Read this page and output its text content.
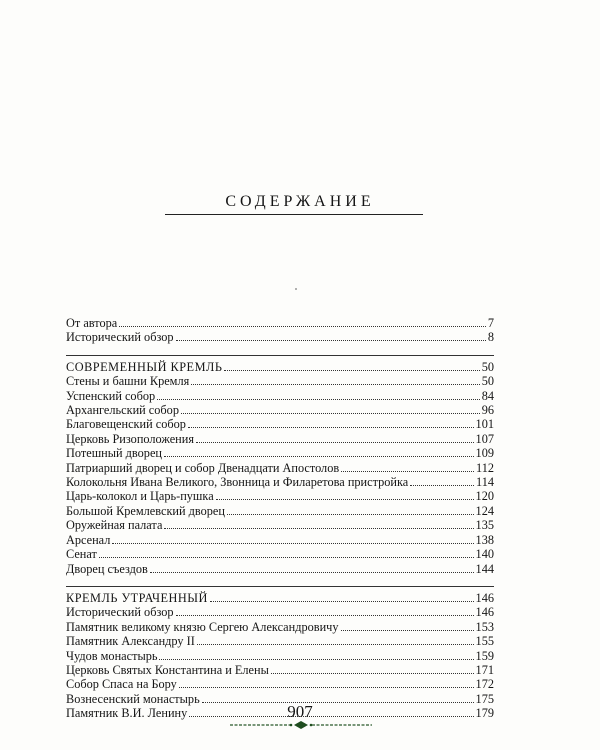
СОДЕРЖАНИЕ
От автора	7
Исторический обзор	8
СОВРЕМЕННЫЙ КРЕМЛЬ	50
Стены и башни Кремля	50
Успенский собор	84
Архангельский собор	96
Благовещенский собор	101
Церковь Ризоположения	107
Потешный дворец	109
Патриарший дворец и собор Двенадцати Апостолов	112
Колокольня Ивана Великого, Звонница и Филаретова пристройка	114
Царь-колокол и Царь-пушка	120
Большой Кремлевский дворец	124
Оружейная палата	135
Арсенал	138
Сенат	140
Дворец съездов	144
КРЕМЛЬ УТРАЧЕННЫЙ	146
Исторический обзор	146
Памятник великому князю Сергею Александровичу	153
Памятник Александру II	155
Чудов монастырь	159
Церковь Святых Константина и Елены	171
Собор Спаса на Бору	172
Вознесенский монастырь	175
Памятник В.И. Ленину	179
907
